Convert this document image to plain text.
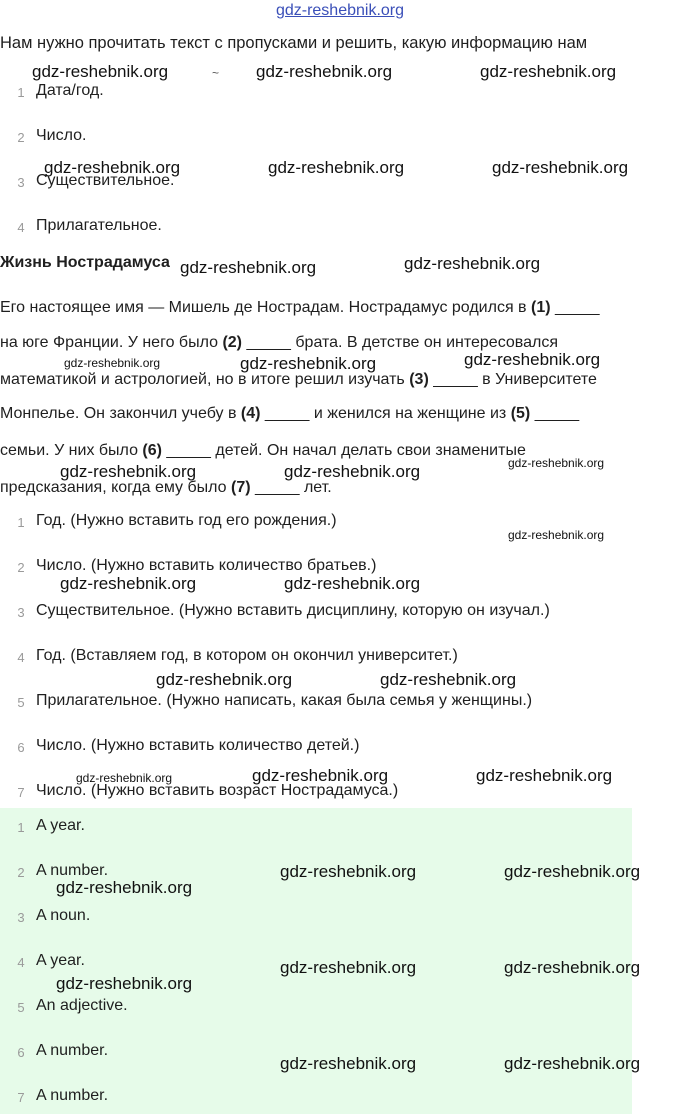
gdz-reshebnik.org
Нам нужно прочитать текст с пропусками и решить, какую информацию нам
~
1 Дата/год.
2 Число.
3 Существительное.
4 Прилагательное.
Жизнь Нострадамуса
Его настоящее имя — Мишель де Нострадам. Нострадамус родился в (1) _____
на юге Франции. У него было (2) _____ брата. В детстве он интересовался
математикой и астрологией, но в итоге решил изучать (3) _____ в Университете
Монпелье. Он закончил учебу в (4) _____ и женился на женщине из (5) _____
семьи. У них было (6) _____ детей. Он начал делать свои знаменитые
предсказания, когда ему было (7) _____ лет.
1 Год. (Нужно вставить год его рождения.)
2 Число. (Нужно вставить количество братьев.)
3 Существительное. (Нужно вставить дисциплину, которую он изучал.)
4 Год. (Вставляем год, в котором он окончил университет.)
5 Прилагательное. (Нужно написать, какая была семья у женщины.)
6 Число. (Нужно вставить количество детей.)
7 Число. (Нужно вставить возраст Нострадамуса.)
1 A year.
2 A number.
3 A noun.
4 A year.
5 An adjective.
6 A number.
7 A number.
gdz-reshebnik.org	gdz-reshebnik.org	gdz-reshebnik.org
gdz-reshebnik.org	gdz-reshebnik.org	gdz-reshebnik.org
gdz-reshebnik.org	gdz-reshebnik.org
gdz-reshebnik.org	gdz-reshebnik.org	gdz-reshebnik.org
gdz-reshebnik.org	gdz-reshebnik.org	gdz-reshebnik.org
gdz-reshebnik.org
gdz-reshebnik.org	gdz-reshebnik.org
gdz-reshebnik.org	gdz-reshebnik.org
gdz-reshebnik.org	gdz-reshebnik.org	gdz-reshebnik.org
gdz-reshebnik.org	gdz-reshebnik.org
gdz-reshebnik.org
gdz-reshebnik.org	gdz-reshebnik.org
gdz-reshebnik.org
gdz-reshebnik.org	gdz-reshebnik.org
